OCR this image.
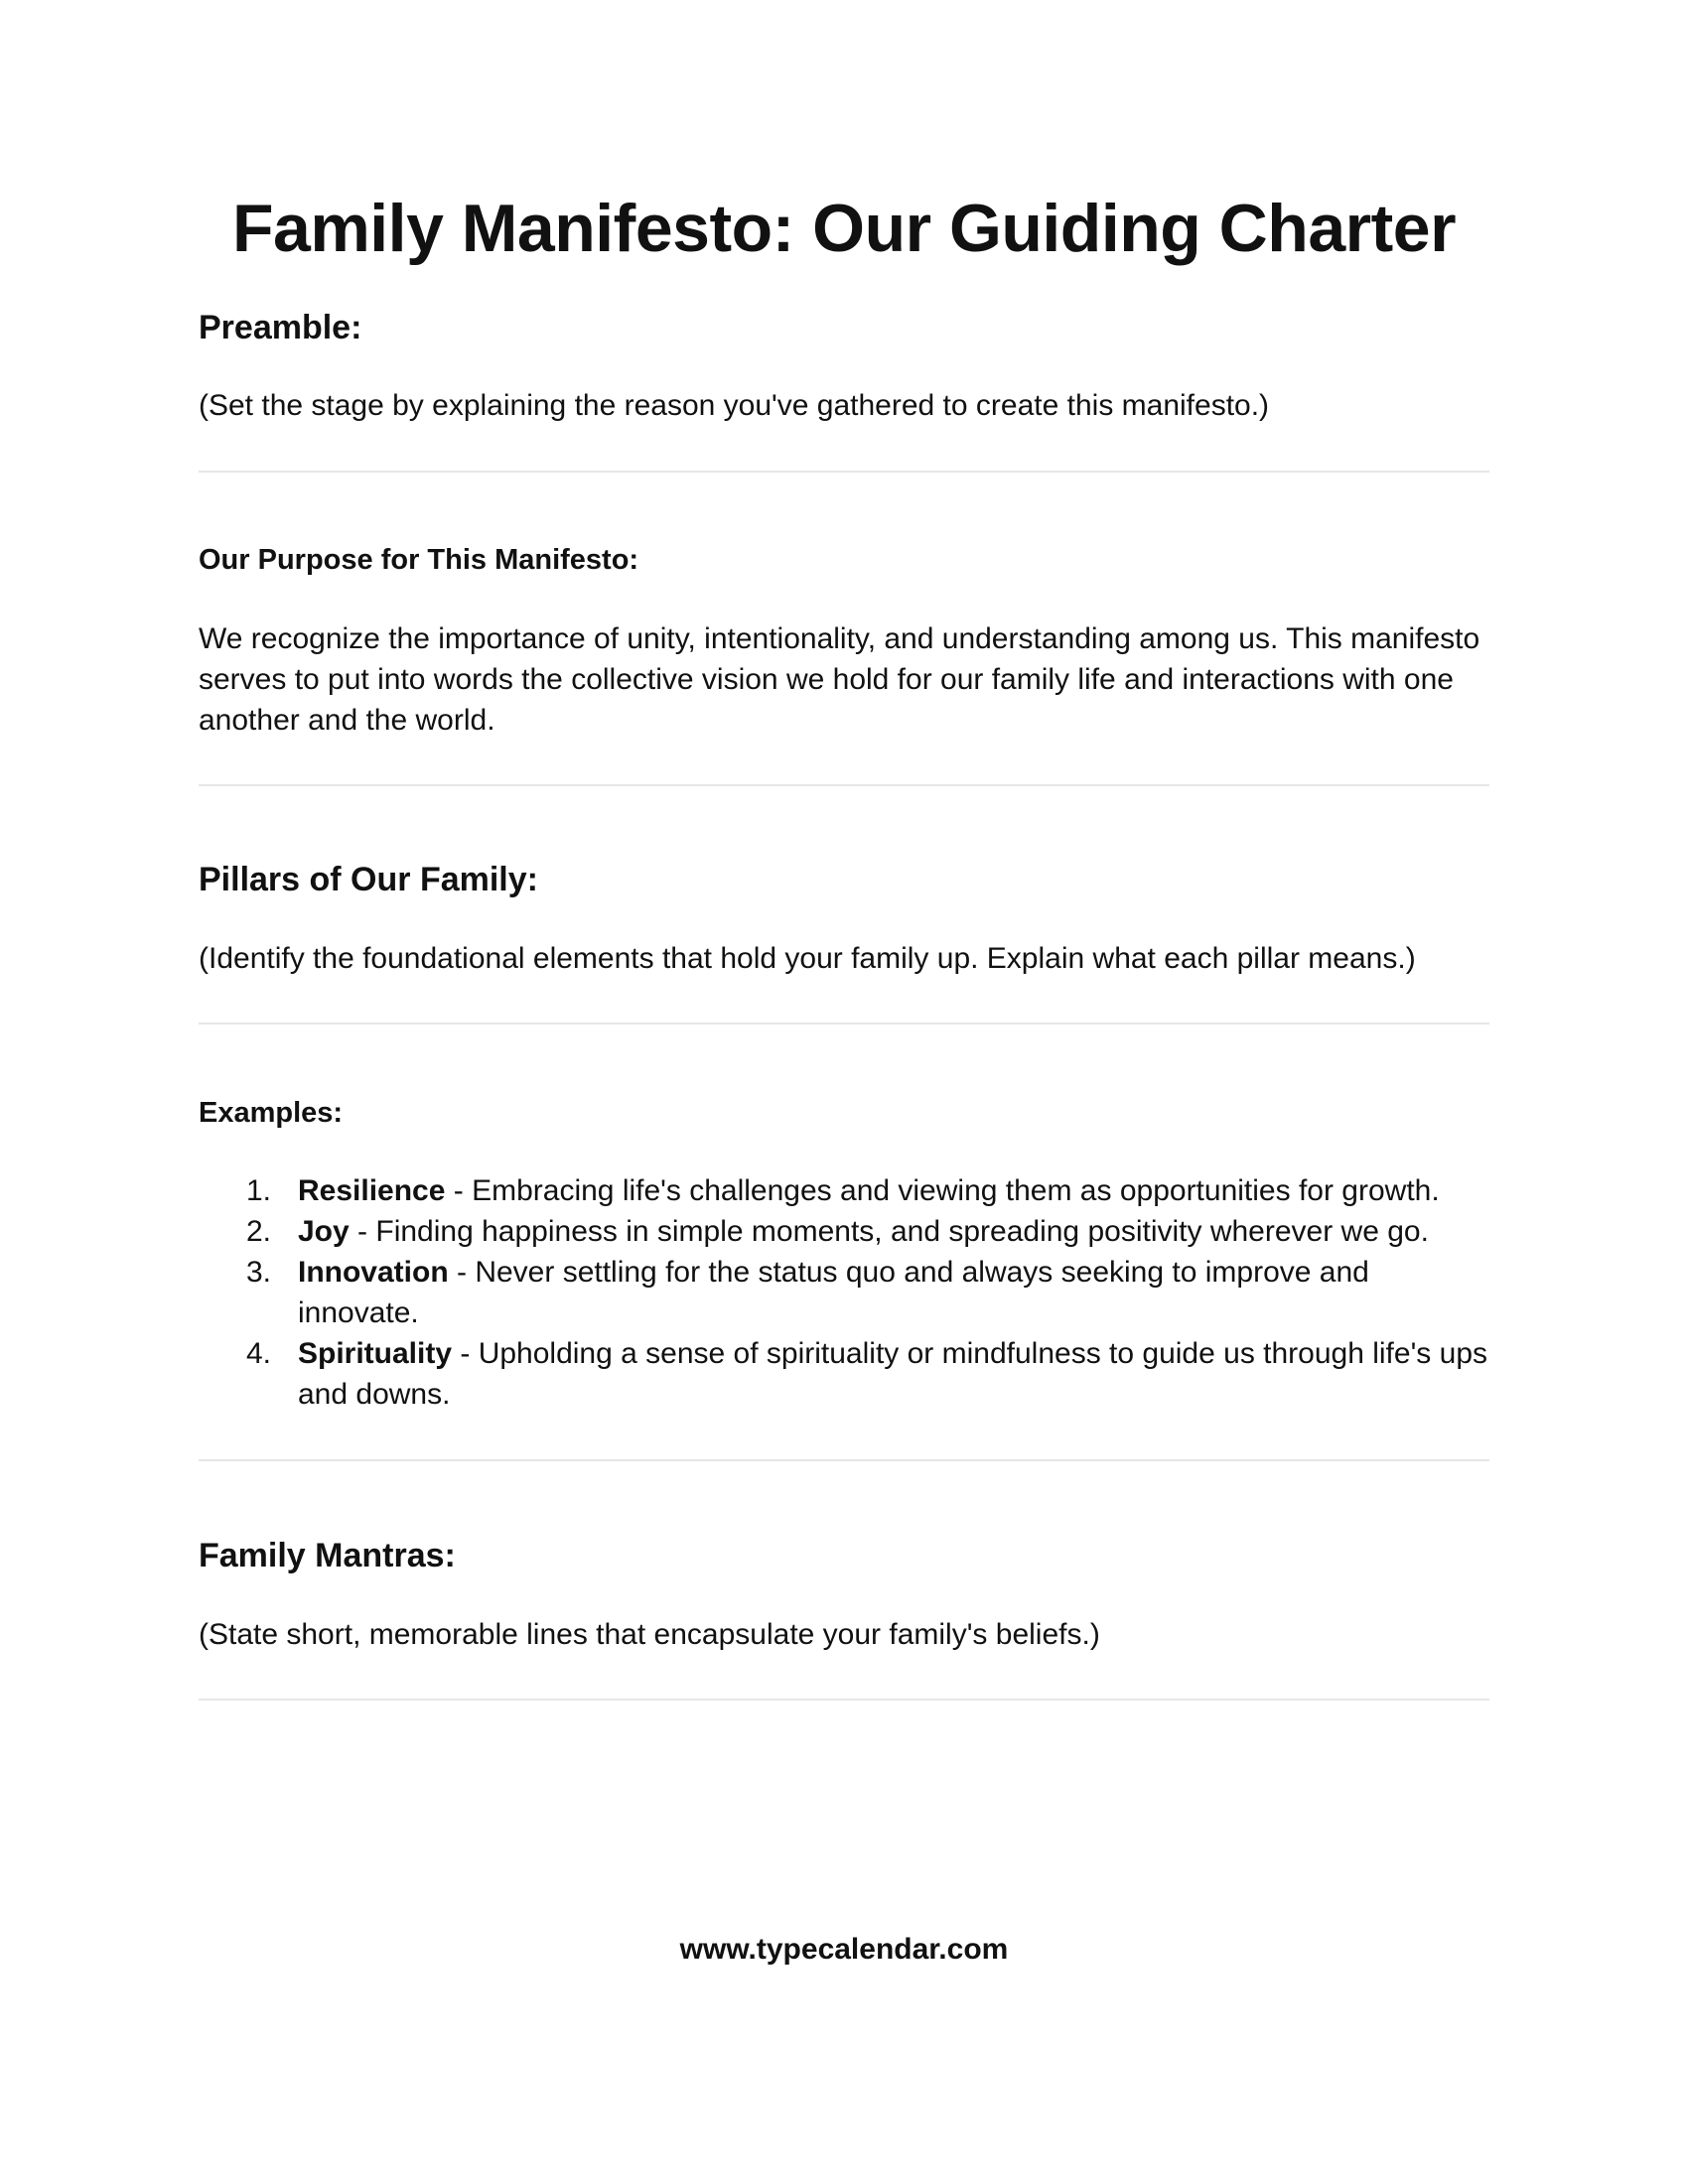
Family Manifesto: Our Guiding Charter
Preamble:

(Set the stage by explaining the reason you've gathered to create this manifesto.)

Our Purpose for This Manifesto:

We recognize the importance of unity, intentionality, and understanding among us. This manifesto serves to put into words the collective vision we hold for our family life and interactions with one another and the world.

Pillars of Our Family:

(Identify the foundational elements that hold your family up. Explain what each pillar means.)

Examples:
1. Resilience - Embracing life's challenges and viewing them as opportunities for growth.
2. Joy - Finding happiness in simple moments, and spreading positivity wherever we go.
3. Innovation - Never settling for the status quo and always seeking to improve and innovate.
4. Spirituality - Upholding a sense of spirituality or mindfulness to guide us through life's ups and downs.
Family Mantras:

(State short, memorable lines that encapsulate your family's beliefs.)

www.typecalendar.com
